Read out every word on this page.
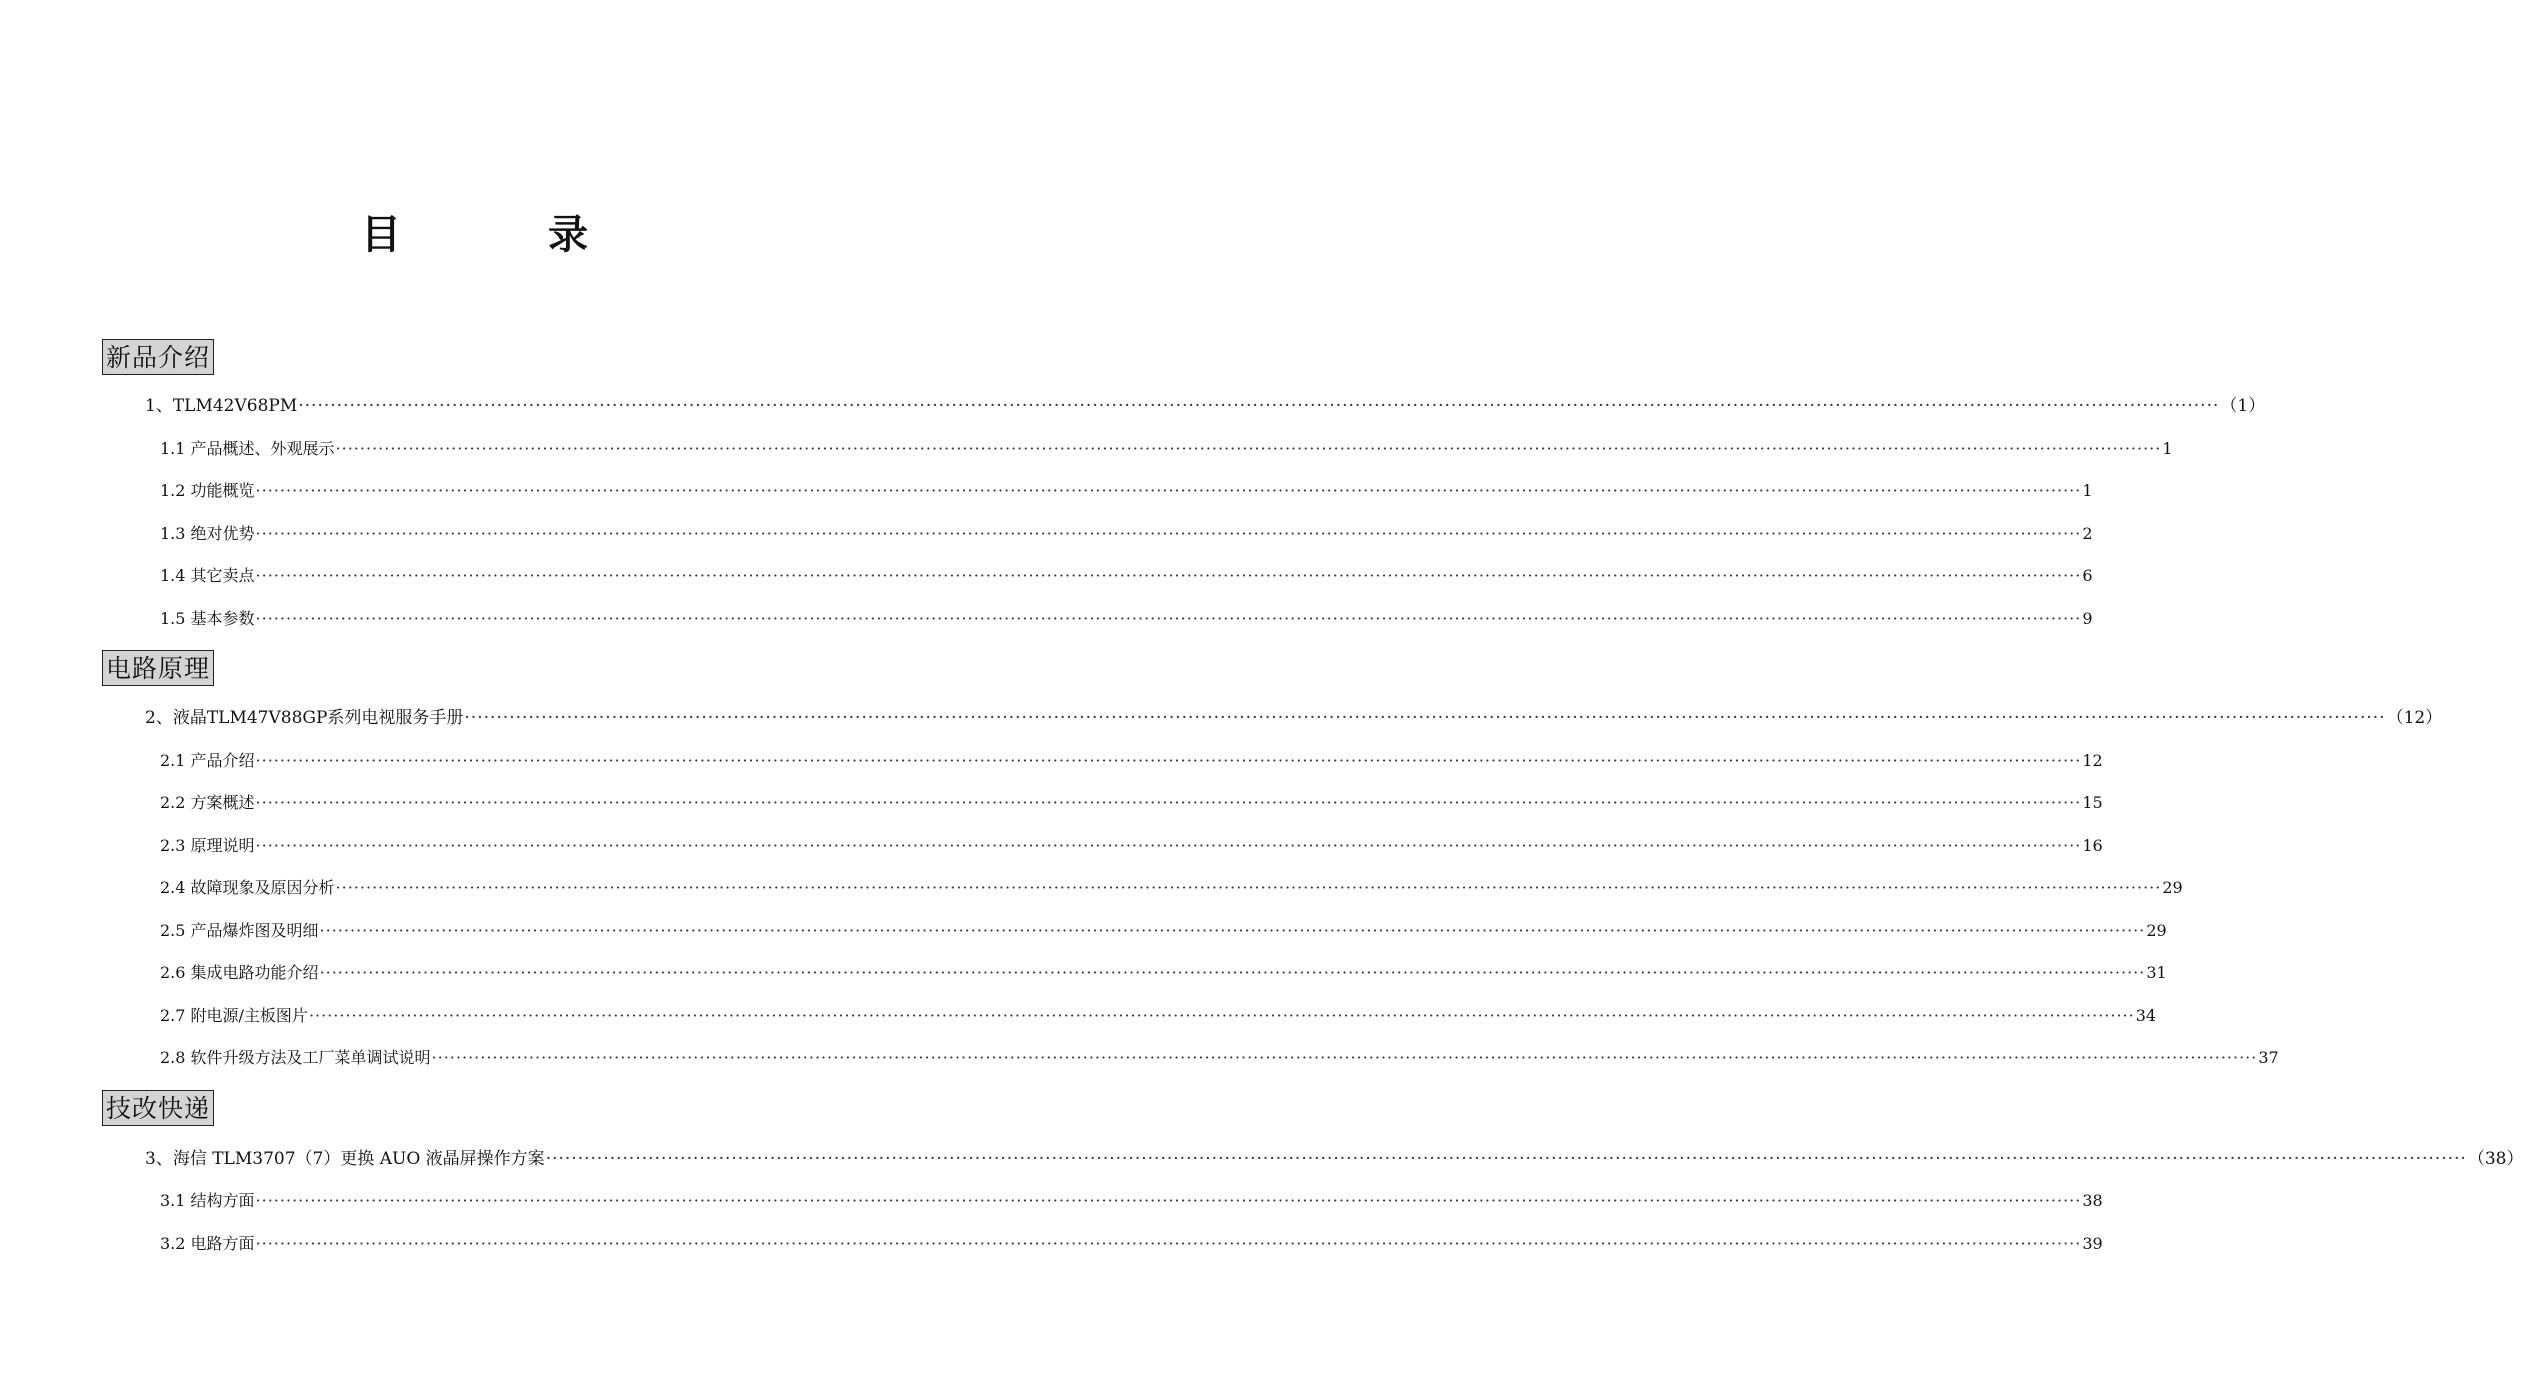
目	录
新品介绍
1、TLM42V68PM ············································································································································································································································································································ （1）
1.1 产品概述、外观展示 ············································································································································································································································································································ 1
1.2 功能概览 ············································································································································································································································································································ 1
1.3 绝对优势 ············································································································································································································································································································ 2
1.4 其它卖点 ············································································································································································································································································································ 6
1.5 基本参数 ············································································································································································································································································································ 9
电路原理
2、液晶TLM47V88GP系列电视服务手册 ············································································································································································································································································································ （12）
2.1 产品介绍 ············································································································································································································································································································ 12
2.2 方案概述 ············································································································································································································································································································ 15
2.3 原理说明 ············································································································································································································································································································ 16
2.4 故障现象及原因分析 ············································································································································································································································································································ 29
2.5 产品爆炸图及明细 ············································································································································································································································································································ 29
2.6 集成电路功能介绍 ············································································································································································································································································································ 31
2.7 附电源/主板图片 ············································································································································································································································································································ 34
2.8 软件升级方法及工厂菜单调试说明 ············································································································································································································································································································ 37
技改快递
3、海信 TLM3707（7）更换 AUO 液晶屏操作方案 ············································································································································································································································································································ （38）
3.1 结构方面 ············································································································································································································································································································ 38
3.2 电路方面 ············································································································································································································································································································ 39
